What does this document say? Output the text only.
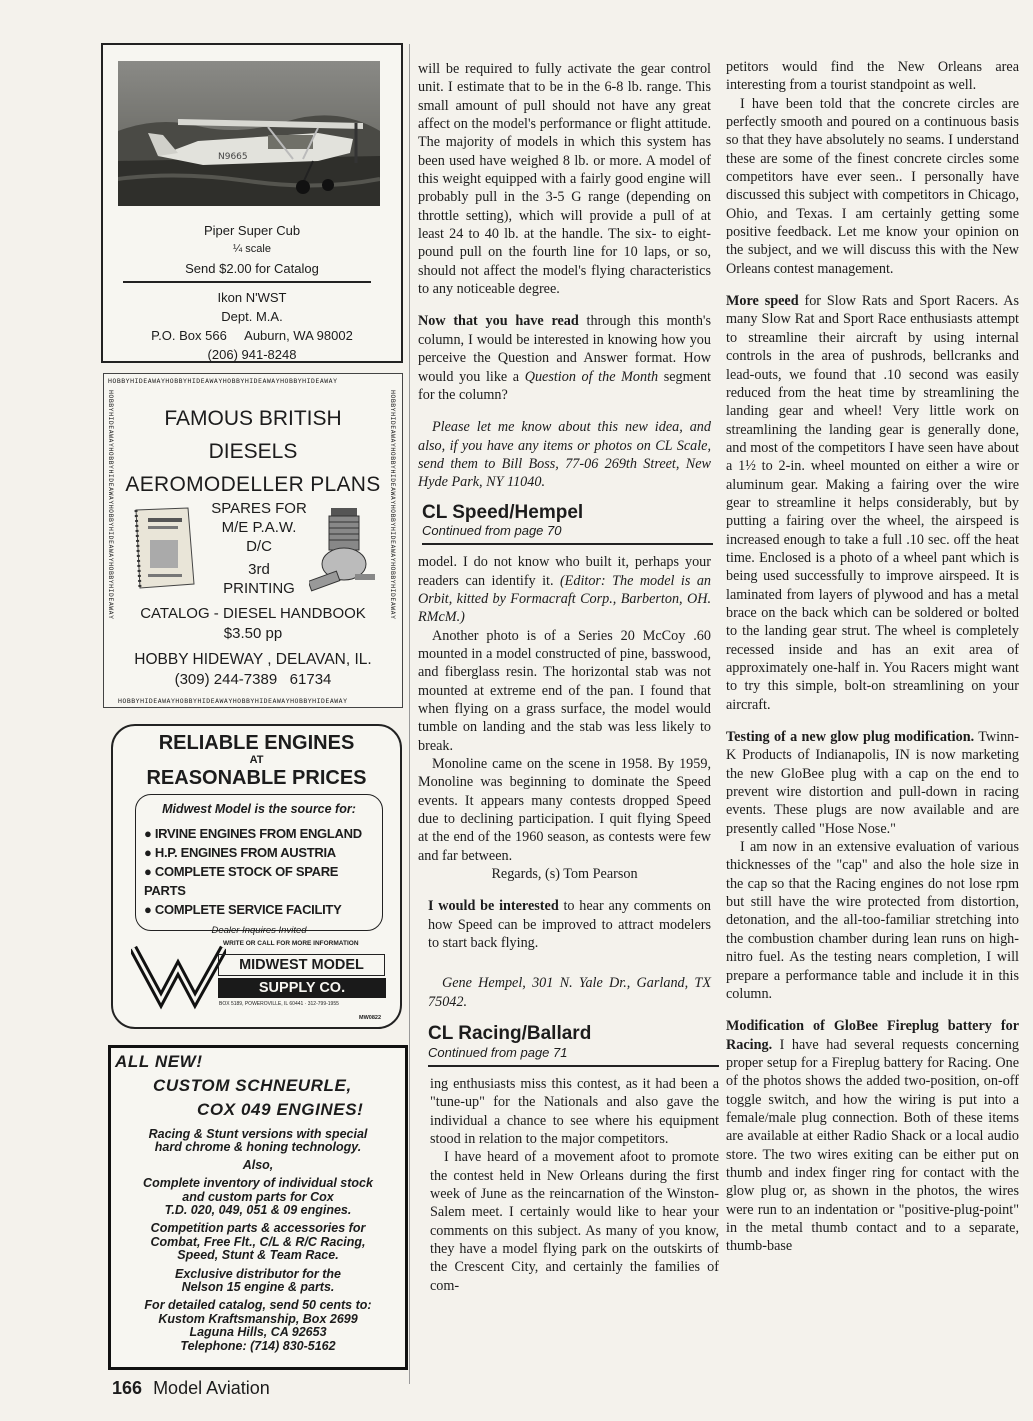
N9665
Piper Super Cub
¼ scale
Send $2.00 for Catalog
Ikon N'WST
Dept. M.A.
P.O. Box 566     Auburn, WA 98002
(206) 941-8248
HOBBYHIDEAWAYHOBBYHIDEAWAYHOBBYHIDEAWAYHOBBYHIDEAWAY
HOBBYHIDEAWAYHOBBYHIDEAWAYHOBBYHIDEAWAYHOBBYHIDEAWAY
HOBBYHIDEAWAYHOBBYHIDEAWAYHOBBYHIDEAWAYHOBBYHIDEAWAY	HOBBYHIDEAWAYHOBBYHIDEAWAYHOBBYHIDEAWAYHOBBYHIDEAWAY
FAMOUS BRITISH
DIESELS
AEROMODELLER PLANS
SPARES FOR
M/E P.A.W.
D/C
3rd
PRINTING
CATALOG - DIESEL HANDBOOK
$3.50 pp
HOBBY HIDEWAY , DELAVAN, IL.
(309) 244-7389   61734
RELIABLE ENGINES
AT
REASONABLE PRICES
Midwest Model is the source for:
● IRVINE ENGINES FROM ENGLAND
● H.P. ENGINES FROM AUSTRIA
● COMPLETE STOCK OF SPARE PARTS
● COMPLETE SERVICE FACILITY
Dealer Inquires Invited
WRITE OR CALL FOR MORE INFORMATION
MIDWEST MODEL
SUPPLY CO.
BOX 5189, POWEROVILLE, IL 60441 · 312-799-1955
MW0822
ALL NEW!
CUSTOM SCHNEURLE,
COX 049 ENGINES!
Racing & Stunt versions with special
hard chrome & honing technology.
Also,
Complete inventory of individual stock
and custom parts for Cox
T.D. 020, 049, 051 & 09 engines.
Competition parts & accessories for
Combat, Free Flt., C/L & R/C Racing,
Speed, Stunt & Team Race.
Exclusive distributor for the
Nelson 15 engine & parts.
For detailed catalog, send 50 cents to:
Kustom Kraftsmanship, Box 2699
Laguna Hills, CA 92653
Telephone: (714) 830-5162
166 Model Aviation

will be required to fully activate the gear control unit. I estimate that to be in the 6-8 lb. range. This small amount of pull should not have any great affect on the model's performance or flight attitude. The majority of models in which this system has been used have weighed 8 lb. or more. A model of this weight equipped with a fairly good engine will probably pull in the 3-5 G range (depending on throttle setting), which will provide a pull of at least 24 to 40 lb. at the handle. The six- to eight-pound pull on the fourth line for 10 laps, or so, should not affect the model's flying characteristics to any noticeable degree.

Now that you have read through this month's column, I would be interested in knowing how you perceive the Question and Answer format. How would you like a Question of the Month segment for the column?

Please let me know about this new idea, and also, if you have any items or photos on CL Scale, send them to Bill Boss, 77-06 269th Street, New Hyde Park, NY 11040.

CL Speed/Hempel
Continued from page 70

model. I do not know who built it, perhaps your readers can identify it. (Editor: The model is an Orbit, kitted by Formacraft Corp., Barberton, OH. RMcM.)

Another photo is of a Series 20 McCoy .60 mounted in a model constructed of pine, basswood, and fiberglass resin. The horizontal stab was not mounted at extreme end of the pan. I found that when flying on a grass surface, the model would tumble on landing and the stab was less likely to break.

Monoline came on the scene in 1958. By 1959, Monoline was beginning to dominate the Speed events. It appears many contests dropped Speed due to declining participation. I quit flying Speed at the end of the 1960 season, as contests were few and far between.

Regards, (s) Tom Pearson

I would be interested to hear any comments on how Speed can be improved to attract modelers to start back flying.

Gene Hempel, 301 N. Yale Dr., Garland, TX 75042.

CL Racing/Ballard
Continued from page 71

ing enthusiasts miss this contest, as it had been a "tune-up" for the Nationals and also gave the individual a chance to see where his equipment stood in relation to the major competitors.

I have heard of a movement afoot to promote the contest held in New Orleans during the first week of June as the reincarnation of the Winston-Salem meet. I certainly would like to hear your comments on this subject. As many of you know, they have a model flying park on the outskirts of the Crescent City, and certainly the families of com-

petitors would find the New Orleans area interesting from a tourist standpoint as well.

I have been told that the concrete circles are perfectly smooth and poured on a continuous basis so that they have absolutely no seams. I understand these are some of the finest concrete circles some competitors have ever seen.. I personally have discussed this subject with competitors in Chicago, Ohio, and Texas. I am certainly getting some positive feedback. Let me know your opinion on the subject, and we will discuss this with the New Orleans contest management.

More speed for Slow Rats and Sport Racers. As many Slow Rat and Sport Race enthusiasts attempt to streamline their aircraft by using internal controls in the area of pushrods, bellcranks and lead-outs, we found that .10 second was easily reduced from the heat time by streamlining the landing gear and wheel! Very little work on streamlining the landing gear is generally done, and most of the competitors I have seen have about a 1½ to 2-in. wheel mounted on either a wire or aluminum gear. Making a fairing over the wire gear to streamline it helps considerably, but by putting a fairing over the wheel, the airspeed is increased enough to take a full .10 sec. off the heat time. Enclosed is a photo of a wheel pant which is being used successfully to improve airspeed. It is laminated from layers of plywood and has a metal brace on the back which can be soldered or bolted to the landing gear strut. The wheel is completely recessed inside and has an exit area of approximately one-half in. You Racers might want to try this simple, bolt-on streamlining on your aircraft.

Testing of a new glow plug modification. Twinn-K Products of Indianapolis, IN is now marketing the new GloBee plug with a cap on the end to prevent wire distortion and pull-down in racing events. These plugs are now available and are presently called "Hose Nose."

I am now in an extensive evaluation of various thicknesses of the "cap" and also the hole size in the cap so that the Racing engines do not lose rpm but still have the wire protected from distortion, detonation, and the all-too-familiar stretching into the combustion chamber during lean runs on high-nitro fuel. As the testing nears completion, I will prepare a performance table and include it in this column.

Modification of GloBee Fireplug battery for Racing. I have had several requests concerning proper setup for a Fireplug battery for Racing. One of the photos shows the added two-position, on-off toggle switch, and how the wiring is put into a female/male plug connection. Both of these items are available at either Radio Shack or a local audio store. The two wires exiting can be either put on thumb and index finger ring for contact with the glow plug or, as shown in the photos, the wires were run to an indentation or "positive-plug-point" in the metal thumb contact and to a separate, thumb-base
